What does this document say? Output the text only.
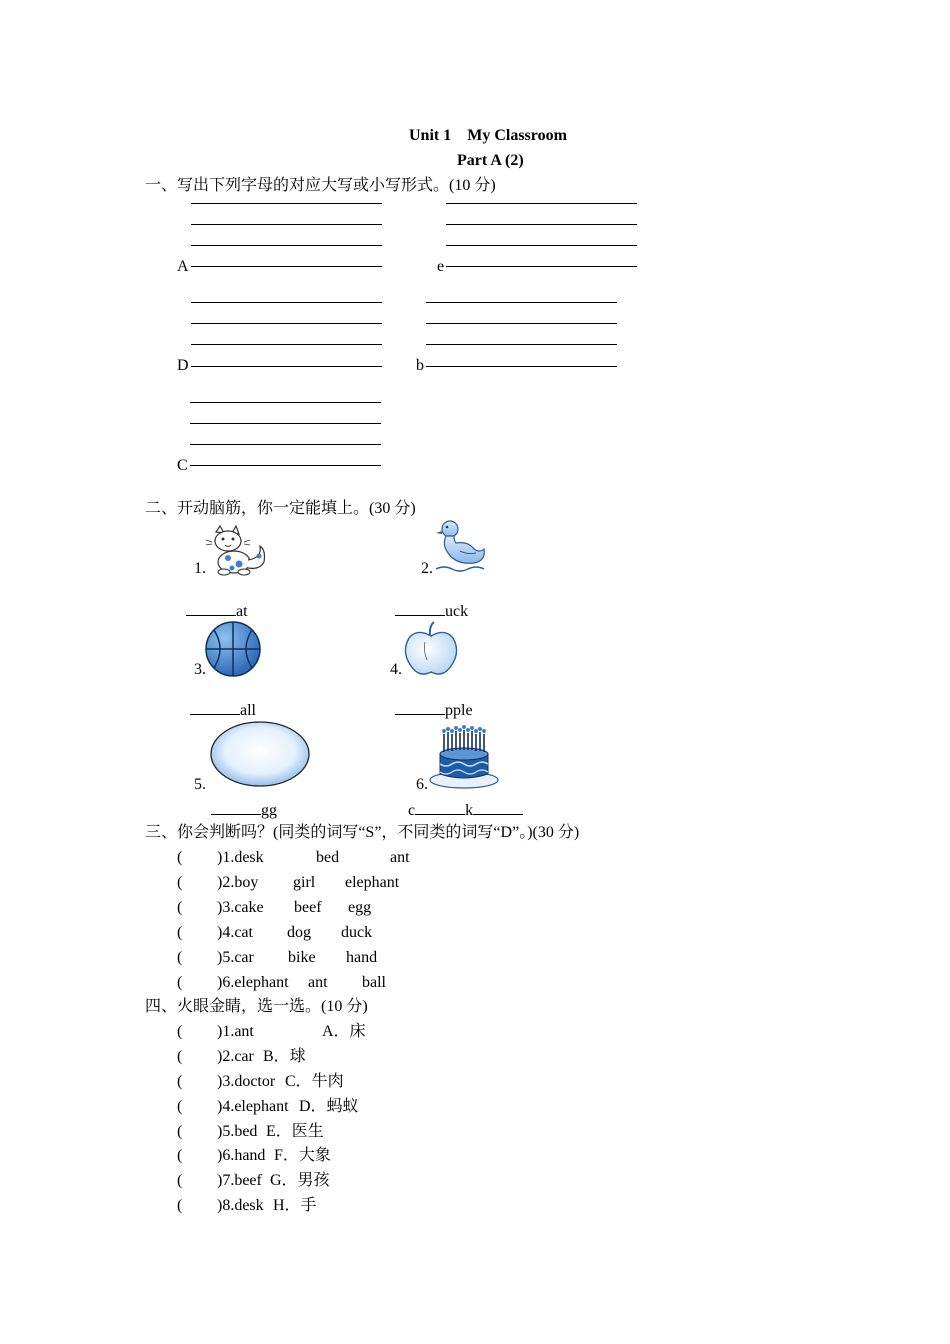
Unit 1　My Classroom
Part A (2)
一、写出下列字母的对应大写或小写形式。(10 分)
A	e
D	b
C
二、开动脑筋，你一定能填上。(30 分)
1.
at
2.
uck
3.
all
4.
pple
5.
gg
6.
c	k
三、你会判断吗？(同类的词写“S”，不同类的词写“D”。)(30 分)
( )1.desk	bed	ant
( )2.boy girl elephant
( )3.cake beef egg
( )4.cat dog duck
( )5.car bike hand
( )6.elephant ant ball
四、火眼金睛，选一选。(10 分)
( )1.ant	A．床
( )2.car B．球
( )3.doctor C．牛肉
( )4.elephant D．蚂蚁
( )5.bed E．医生
( )6.hand F．大象
( )7.beef G．男孩
( )8.desk H．手
